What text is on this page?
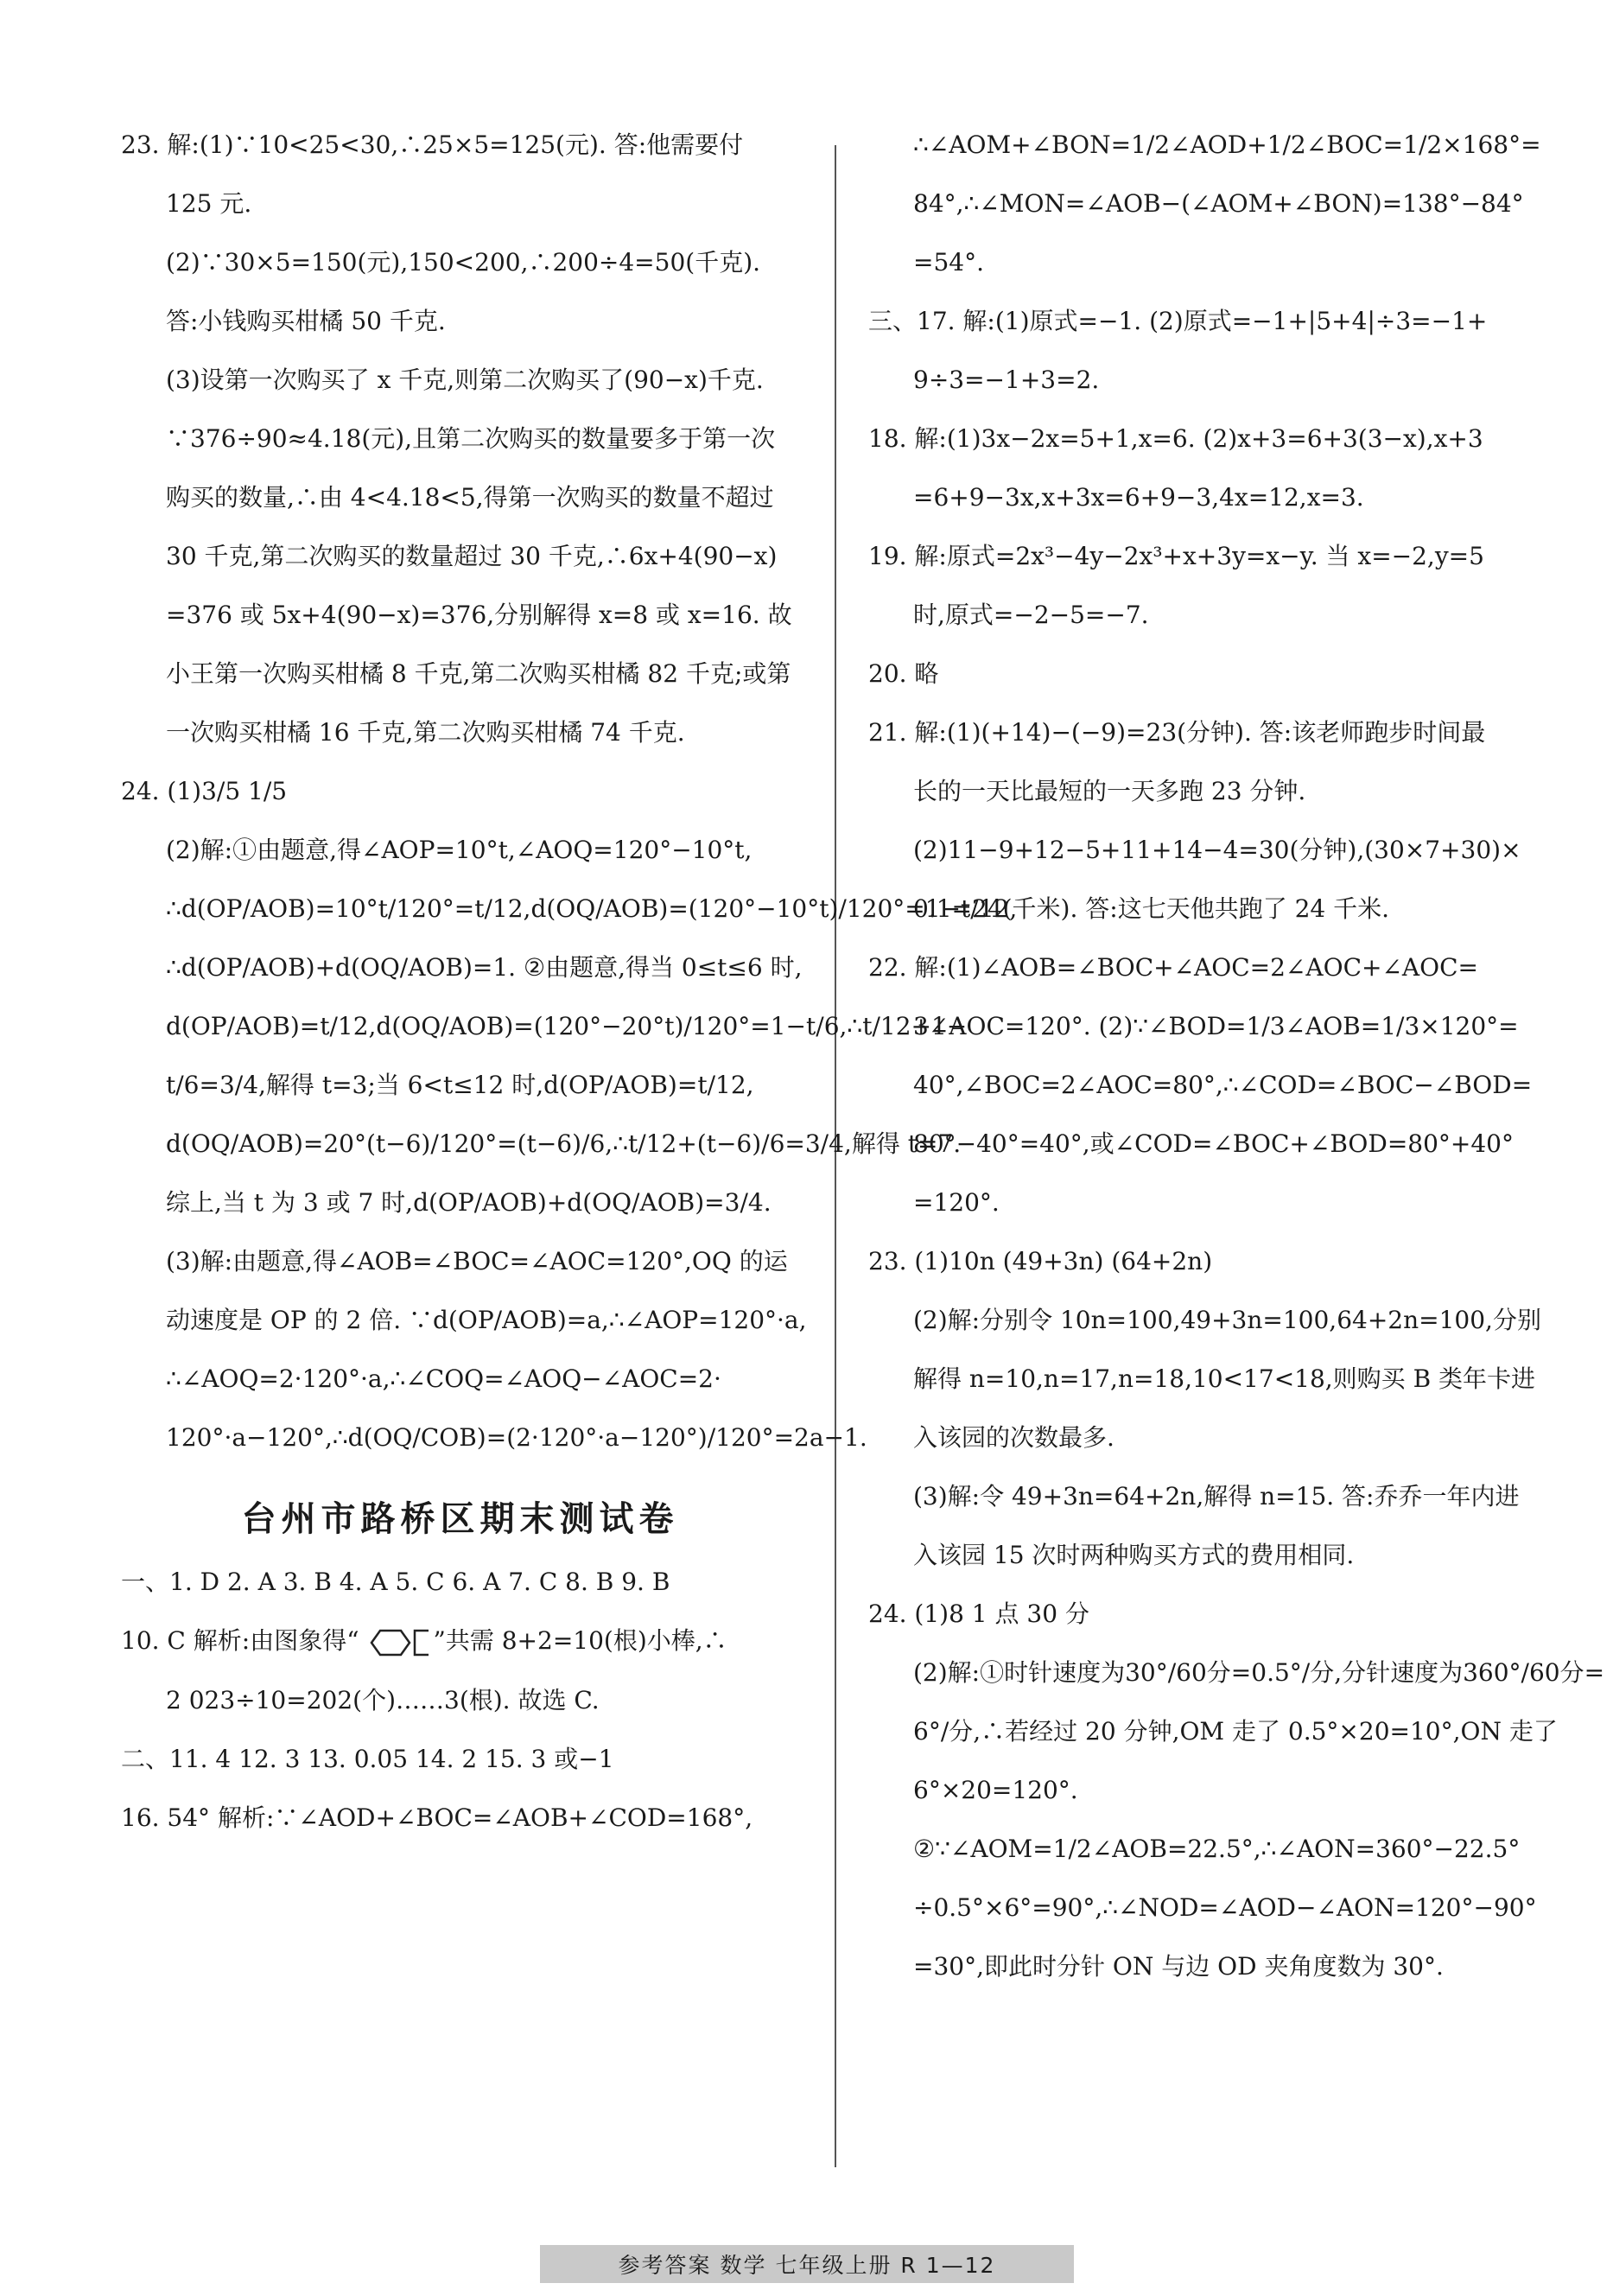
23. 解:(1)∵10<25<30,∴25×5=125(元). 答:他需要付

125 元.

(2)∵30×5=150(元),150<200,∴200÷4=50(千克).

答:小钱购买柑橘 50 千克.

(3)设第一次购买了 x 千克,则第二次购买了(90−x)千克.

∵376÷90≈4.18(元),且第二次购买的数量要多于第一次

购买的数量,∴由 4<4.18<5,得第一次购买的数量不超过

30 千克,第二次购买的数量超过 30 千克,∴6x+4(90−x)

=376 或 5x+4(90−x)=376,分别解得 x=8 或 x=16. 故

小王第一次购买柑橘 8 千克,第二次购买柑橘 82 千克;或第

一次购买柑橘 16 千克,第二次购买柑橘 74 千克.

24. (1)3/5 1/5

(2)解:①由题意,得∠AOP=10°t,∠AOQ=120°−10°t,

∴d(OP/AOB)=10°t/120°=t/12,d(OQ/AOB)=(120°−10°t)/120°=1−t/12,

∴d(OP/AOB)+d(OQ/AOB)=1. ②由题意,得当 0≤t≤6 时,

d(OP/AOB)=t/12,d(OQ/AOB)=(120°−20°t)/120°=1−t/6,∴t/12+1−

t/6=3/4,解得 t=3;当 6<t≤12 时,d(OP/AOB)=t/12,

d(OQ/AOB)=20°(t−6)/120°=(t−6)/6,∴t/12+(t−6)/6=3/4,解得 t=7.

综上,当 t 为 3 或 7 时,d(OP/AOB)+d(OQ/AOB)=3/4.

(3)解:由题意,得∠AOB=∠BOC=∠AOC=120°,OQ 的运

动速度是 OP 的 2 倍. ∵d(OP/AOB)=a,∴∠AOP=120°·a,

∴∠AOQ=2·120°·a,∴∠COQ=∠AOQ−∠AOC=2·

120°·a−120°,∴d(OQ/COB)=(2·120°·a−120°)/120°=2a−1.

台州市路桥区期末测试卷

一、1. D 2. A 3. B 4. A 5. C 6. A 7. C 8. B 9. B

10. C 解析:由图象得“	”共需 8+2=10(根)小棒,∴

2 023÷10=202(个)……3(根). 故选 C.

二、11. 4 12. 3 13. 0.05 14. 2 15. 3 或−1

16. 54° 解析:∵∠AOD+∠BOC=∠AOB+∠COD=168°,

∴∠AOM+∠BON=1/2∠AOD+1/2∠BOC=1/2×168°=

84°,∴∠MON=∠AOB−(∠AOM+∠BON)=138°−84°

=54°.

三、17. 解:(1)原式=−1. (2)原式=−1+|5+4|÷3=−1+

9÷3=−1+3=2.

18. 解:(1)3x−2x=5+1,x=6. (2)x+3=6+3(3−x),x+3

=6+9−3x,x+3x=6+9−3,4x=12,x=3.

19. 解:原式=2x³−4y−2x³+x+3y=x−y. 当 x=−2,y=5

时,原式=−2−5=−7.

20. 略

21. 解:(1)(+14)−(−9)=23(分钟). 答:该老师跑步时间最

长的一天比最短的一天多跑 23 分钟.

(2)11−9+12−5+11+14−4=30(分钟),(30×7+30)×

0.1=24(千米). 答:这七天他共跑了 24 千米.

22. 解:(1)∠AOB=∠BOC+∠AOC=2∠AOC+∠AOC=

3∠AOC=120°. (2)∵∠BOD=1/3∠AOB=1/3×120°=

40°,∠BOC=2∠AOC=80°,∴∠COD=∠BOC−∠BOD=

80°−40°=40°,或∠COD=∠BOC+∠BOD=80°+40°

=120°.

23. (1)10n (49+3n) (64+2n)

(2)解:分别令 10n=100,49+3n=100,64+2n=100,分别

解得 n=10,n=17,n=18,10<17<18,则购买 B 类年卡进

入该园的次数最多.

(3)解:令 49+3n=64+2n,解得 n=15. 答:乔乔一年内进

入该园 15 次时两种购买方式的费用相同.

24. (1)8 1 点 30 分

(2)解:①时针速度为30°/60分=0.5°/分,分针速度为360°/60分=

6°/分,∴若经过 20 分钟,OM 走了 0.5°×20=10°,ON 走了

6°×20=120°.

②∵∠AOM=1/2∠AOB=22.5°,∴∠AON=360°−22.5°

÷0.5°×6°=90°,∴∠NOD=∠AOD−∠AON=120°−90°

=30°,即此时分针 ON 与边 OD 夹角度数为 30°.

参考答案 数学 七年级上册 R 1—12
